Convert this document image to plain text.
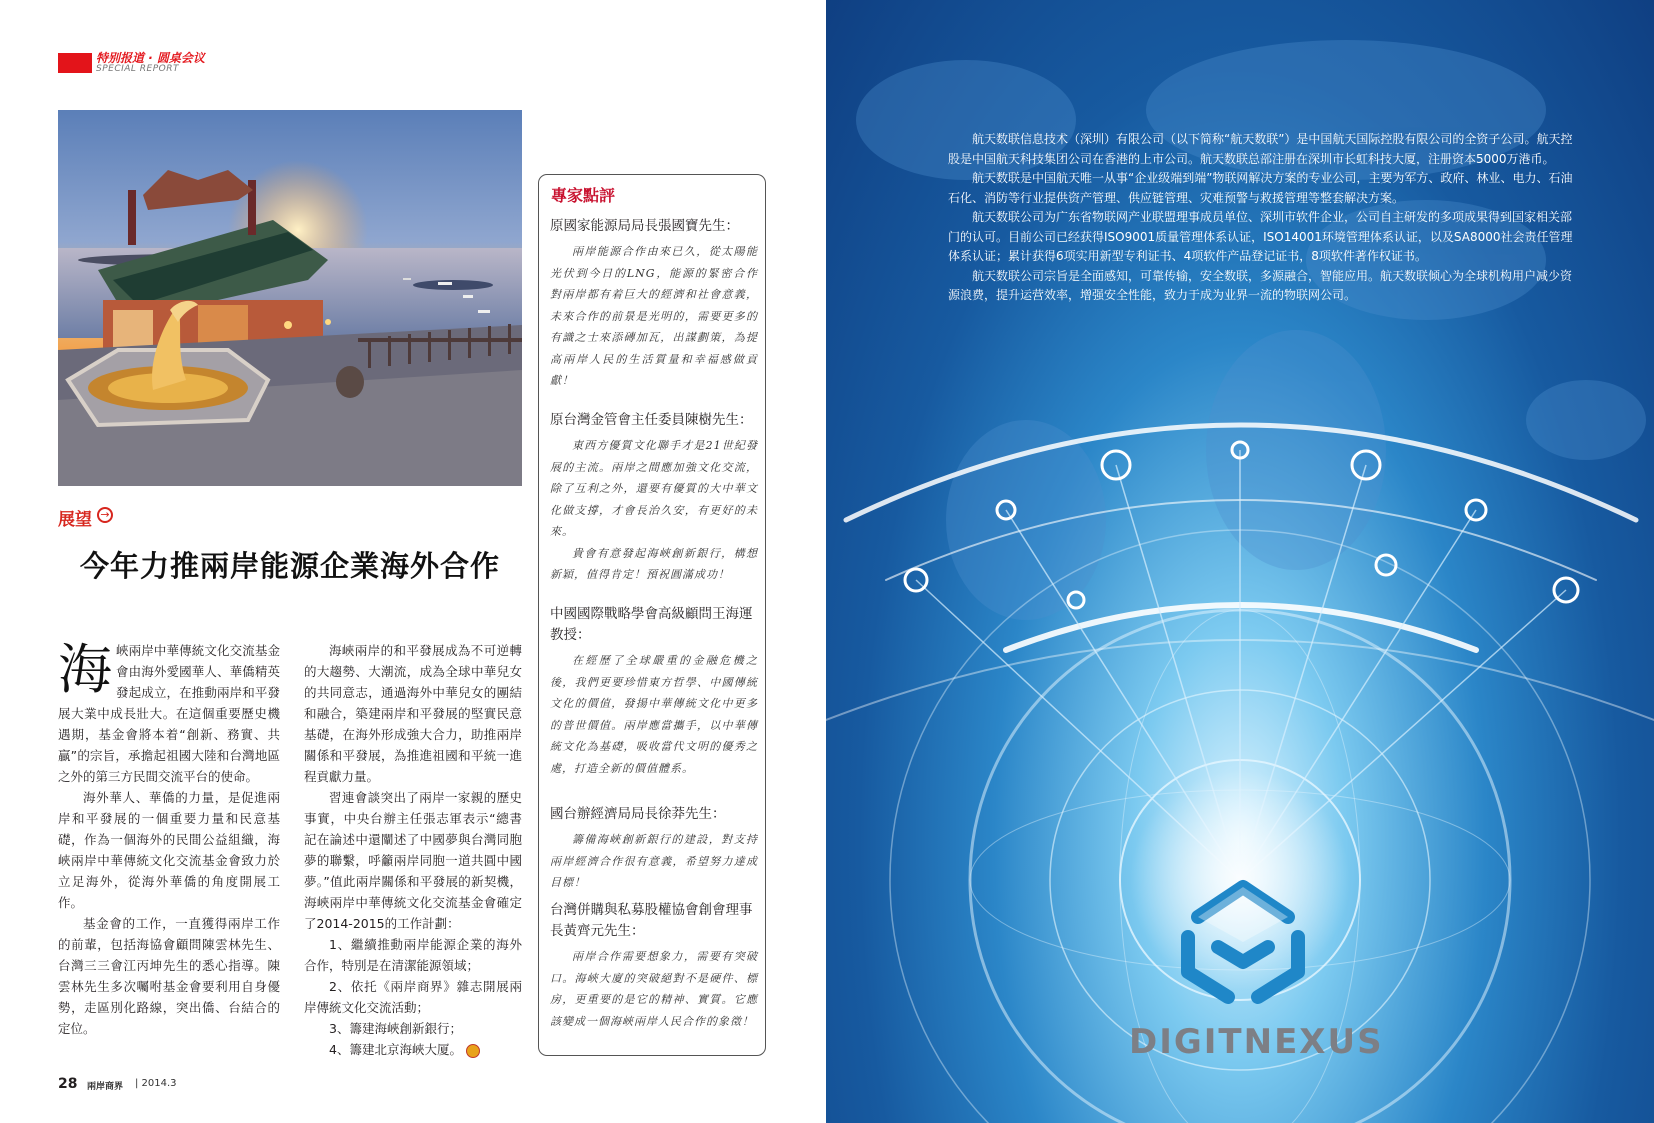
特别报道 · 圆桌会议
SPECIAL REPORT
展望 →
今年力推兩岸能源企業海外合作

海峽兩岸中華傳統文化交流基金會由海外愛國華人、華僑精英發起成立，在推動兩岸和平發展大業中成長壯大。在這個重要歷史機遇期，基金會將本着“創新、務實、共贏”的宗旨，承擔起祖國大陸和台灣地區之外的第三方民間交流平台的使命。

海外華人、華僑的力量，是促進兩岸和平發展的一個重要力量和民意基礎，作為一個海外的民間公益組織，海峽兩岸中華傳統文化交流基金會致力於立足海外，從海外華僑的角度開展工作。

基金會的工作，一直獲得兩岸工作的前輩，包括海協會顧問陳雲林先生、台灣三三會江丙坤先生的悉心指導。陳雲林先生多次囑咐基金會要利用自身優勢，走區別化路線，突出僑、台結合的定位。

海峽兩岸的和平發展成為不可逆轉的大趨勢、大潮流，成為全球中華兒女的共同意志，通過海外中華兒女的團結和融合，築建兩岸和平發展的堅實民意基礎，在海外形成強大合力，助推兩岸關係和平發展，為推進祖國和平統一進程貢獻力量。

習連會談突出了兩岸一家親的歷史事實，中央台辦主任張志軍表示“總書記在論述中還闡述了中國夢與台灣同胞夢的聯繫，呼籲兩岸同胞一道共圓中國夢。”值此兩岸關係和平發展的新契機，海峽兩岸中華傳統文化交流基金會確定了2014-2015的工作計劃：

1、繼續推動兩岸能源企業的海外合作，特別是在清潔能源領域；

2、依托《兩岸商界》雜志開展兩岸傳統文化交流活動；

3、籌建海峽創新銀行；

4、籌建北京海峽大厦。

專家點評
原國家能源局局長張國寶先生：

兩岸能源合作由來已久，從太陽能光伏到今日的LNG，能源的緊密合作對兩岸都有着巨大的經濟和社會意義，未來合作的前景是光明的，需要更多的有識之士來添磚加瓦，出謀劃策，為提高兩岸人民的生活質量和幸福感做貢獻！

原台灣金管會主任委員陳樹先生：

東西方優質文化聯手才是21世紀發展的主流。兩岸之間應加強文化交流，除了互利之外，還要有優質的大中華文化做支撐，才會長治久安，有更好的未來。

貴會有意發起海峽創新銀行，構想新穎，值得肯定！預祝圓滿成功！

中國國際戰略學會高級顧問王海運教授：

在經歷了全球嚴重的金融危機之後，我們更要珍惜東方哲學、中國傳統文化的價值，發揚中華傳統文化中更多的普世價值。兩岸應當攜手，以中華傳統文化為基礎，吸收當代文明的優秀之處，打造全新的價值體系。

國台辦經濟局局長徐莽先生：

籌備海峽創新銀行的建設，對支持兩岸經濟合作很有意義，希望努力達成目標！

台灣併購與私募股權協會創會理事長黃齊元先生：

兩岸合作需要想象力，需要有突破口。海峽大廈的突破絕對不是硬件、標房，更重要的是它的精神、實質。它應該變成一個海峽兩岸人民合作的象徵！

28 兩岸商界 | 2014.3

航天数联信息技术（深圳）有限公司（以下简称“航天数联”）是中国航天国际控股有限公司的全资子公司。航天控股是中国航天科技集团公司在香港的上市公司。航天数联总部注册在深圳市长虹科技大厦，注册资本5000万港币。

航天数联是中国航天唯一从事“企业级端到端”物联网解决方案的专业公司，主要为军方、政府、林业、电力、石油石化、消防等行业提供资产管理、供应链管理、灾难预警与救援管理等整套解决方案。

航天数联公司为广东省物联网产业联盟理事成员单位、深圳市软件企业，公司自主研发的多项成果得到国家相关部门的认可。目前公司已经获得ISO9001质量管理体系认证，ISO14001环境管理体系认证，以及SA8000社会责任管理体系认证；累计获得6项实用新型专利证书、4项软件产品登记证书，8项软件著作权证书。

航天数联公司宗旨是全面感知，可靠传输，安全数联，多源融合，智能应用。航天数联倾心为全球机构用户减少资源浪费，提升运营效率，增强安全性能，致力于成为业界一流的物联网公司。

DIGITNEXUS
